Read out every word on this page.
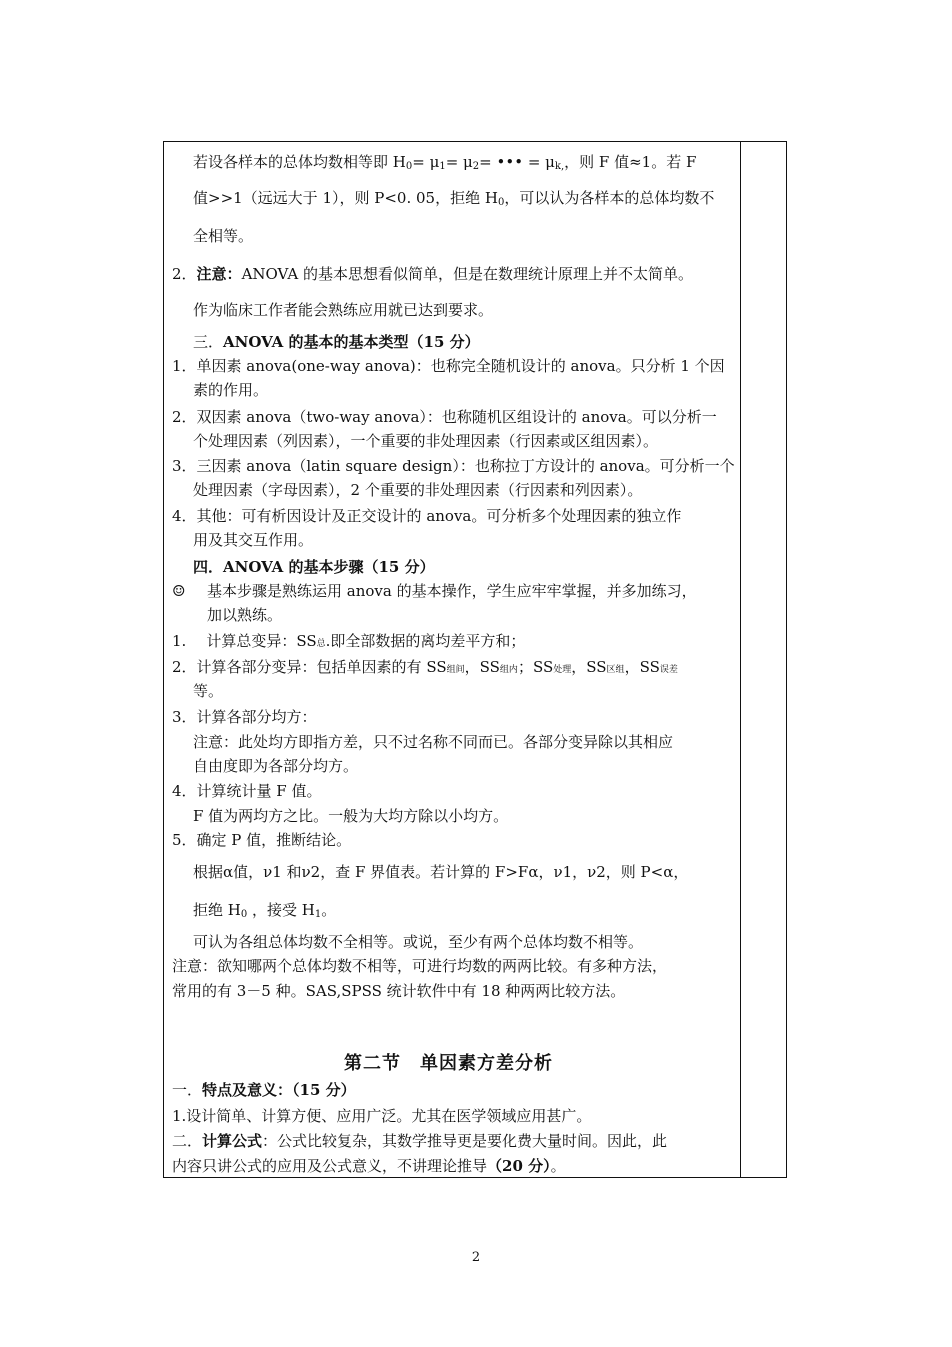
若设各样本的总体均数相等即 $H_0= \mu_1= \mu_2=$ ••• = $\mu_{k,}$，则 F 值≈1。若 F
值>>1（远远大于 1），则 P<0. 05，拒绝 $H_0$，可以认为各样本的总体均数不
全相等。
2．注意：ANOVA 的基本思想看似简单，但是在数理统计原理上并不太简单。
作为临床工作者能会熟练应用就已达到要求。
三．ANOVA 的基本的基本类型（15 分）
1．单因素 anova(one-way anova)：也称完全随机设计的 anova。只分析 1 个因
素的作用。
2．双因素 anova（two-way anova）：也称随机区组设计的 anova。可以分析一
个处理因素（列因素），一个重要的非处理因素（行因素或区组因素）。
3．三因素 anova（latin square design）：也称拉丁方设计的 anova。可分析一个
处理因素（字母因素），2 个重要的非处理因素（行因素和列因素）。
4．其他：可有析因设计及正交设计的 anova。可分析多个处理因素的独立作
用及其交互作用。
四．ANOVA 的基本步骤（15 分）
☺ 基本步骤是熟练运用 anova 的基本操作，学生应牢牢掌握，并多加练习，
加以熟练。
1. 计算总变异：SS总.即全部数据的离均差平方和；
2．计算各部分变异：包括单因素的有 SS组间，SS组内；SS处理，SS区组，SS误差
等。
3．计算各部分均方：
注意：此处均方即指方差，只不过名称不同而已。各部分变异除以其相应
自由度即为各部分均方。
4．计算统计量 F 值。
F 值为两均方之比。一般为大均方除以小均方。
5．确定 P 值，推断结论。
根据α值，ν1 和ν2，查 F 界值表。若计算的 F>Fα，ν1，ν2，则 P<α，
拒绝 $H_0$ ，接受 $H_1$。
可认为各组总体均数不全相等。或说，至少有两个总体均数不相等。
注意：欲知哪两个总体均数不相等，可进行均数的两两比较。有多种方法，
常用的有 3－5 种。SAS,SPSS 统计软件中有 18 种两两比较方法。
第二节　单因素方差分析
一．特点及意义：（15 分）
1.设计简单、计算方便、应用广泛。尤其在医学领域应用甚广。
二．计算公式：公式比较复杂，其数学推导更是要化费大量时间。因此，此
内容只讲公式的应用及公式意义，不讲理论推导（20 分）。
2
